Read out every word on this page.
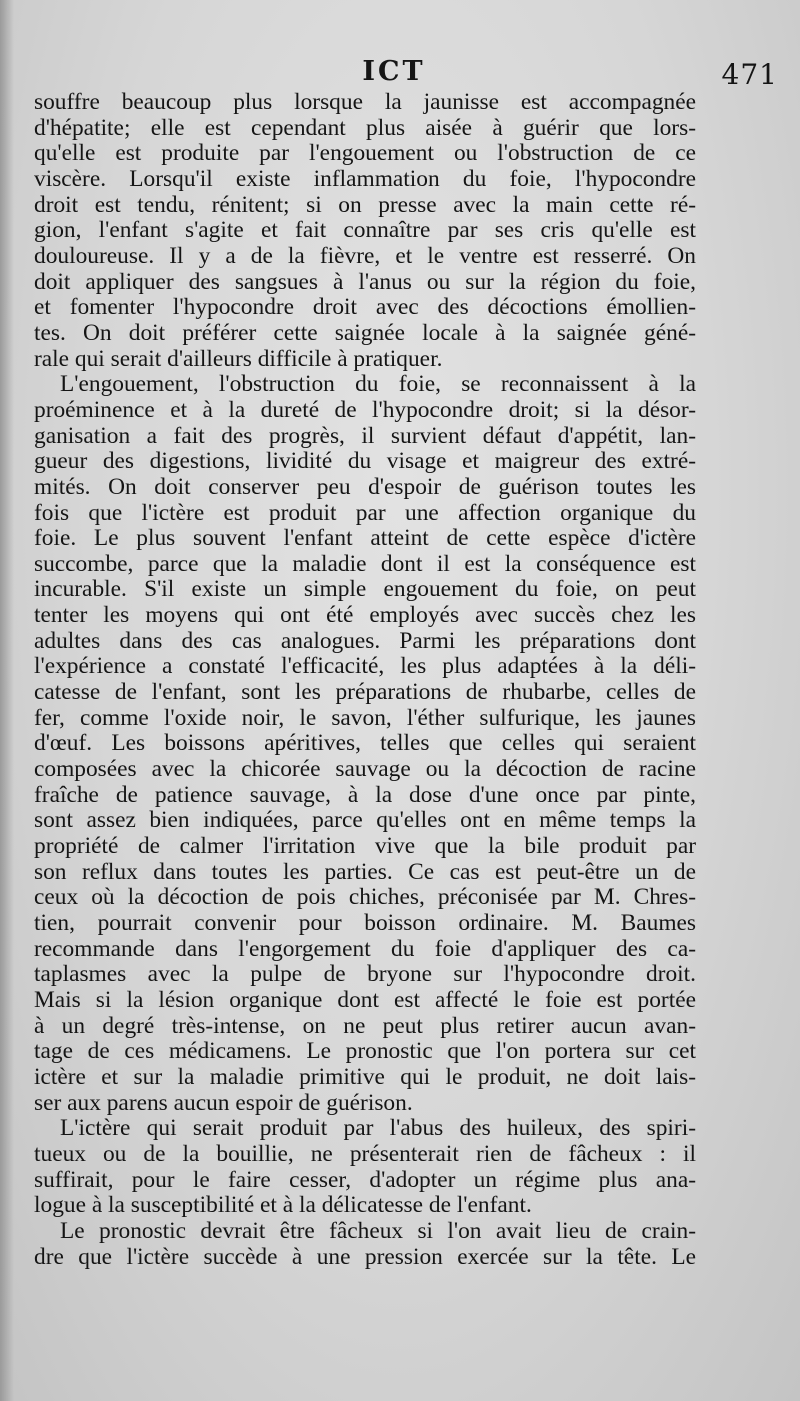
ICT	471
souffre beaucoup plus lorsque la jaunisse est accompagnée
d'hépatite; elle est cependant plus aisée à guérir que lors-
qu'elle est produite par l'engouement ou l'obstruction de ce
viscère. Lorsqu'il existe inflammation du foie, l'hypocondre
droit est tendu, rénitent; si on presse avec la main cette ré-
gion, l'enfant s'agite et fait connaître par ses cris qu'elle est
douloureuse. Il y a de la fièvre, et le ventre est resserré. On
doit appliquer des sangsues à l'anus ou sur la région du foie,
et fomenter l'hypocondre droit avec des décoctions émollien-
tes. On doit préférer cette saignée locale à la saignée géné-
rale qui serait d'ailleurs difficile à pratiquer.
L'engouement, l'obstruction du foie, se reconnaissent à la
proéminence et à la dureté de l'hypocondre droit; si la désor-
ganisation a fait des progrès, il survient défaut d'appétit, lan-
gueur des digestions, lividité du visage et maigreur des extré-
mités. On doit conserver peu d'espoir de guérison toutes les
fois que l'ictère est produit par une affection organique du
foie. Le plus souvent l'enfant atteint de cette espèce d'ictère
succombe, parce que la maladie dont il est la conséquence est
incurable. S'il existe un simple engouement du foie, on peut
tenter les moyens qui ont été employés avec succès chez les
adultes dans des cas analogues. Parmi les préparations dont
l'expérience a constaté l'efficacité, les plus adaptées à la déli-
catesse de l'enfant, sont les préparations de rhubarbe, celles de
fer, comme l'oxide noir, le savon, l'éther sulfurique, les jaunes
d'œuf. Les boissons apéritives, telles que celles qui seraient
composées avec la chicorée sauvage ou la décoction de racine
fraîche de patience sauvage, à la dose d'une once par pinte,
sont assez bien indiquées, parce qu'elles ont en même temps la
propriété de calmer l'irritation vive que la bile produit par
son reflux dans toutes les parties. Ce cas est peut-être un de
ceux où la décoction de pois chiches, préconisée par M. Chres-
tien, pourrait convenir pour boisson ordinaire. M. Baumes
recommande dans l'engorgement du foie d'appliquer des ca-
taplasmes avec la pulpe de bryone sur l'hypocondre droit.
Mais si la lésion organique dont est affecté le foie est portée
à un degré très-intense, on ne peut plus retirer aucun avan-
tage de ces médicamens. Le pronostic que l'on portera sur cet
ictère et sur la maladie primitive qui le produit, ne doit lais-
ser aux parens aucun espoir de guérison.
L'ictère qui serait produit par l'abus des huileux, des spiri-
tueux ou de la bouillie, ne présenterait rien de fâcheux : il
suffirait, pour le faire cesser, d'adopter un régime plus ana-
logue à la susceptibilité et à la délicatesse de l'enfant.
Le pronostic devrait être fâcheux si l'on avait lieu de crain-
dre que l'ictère succède à une pression exercée sur la tête. Le
